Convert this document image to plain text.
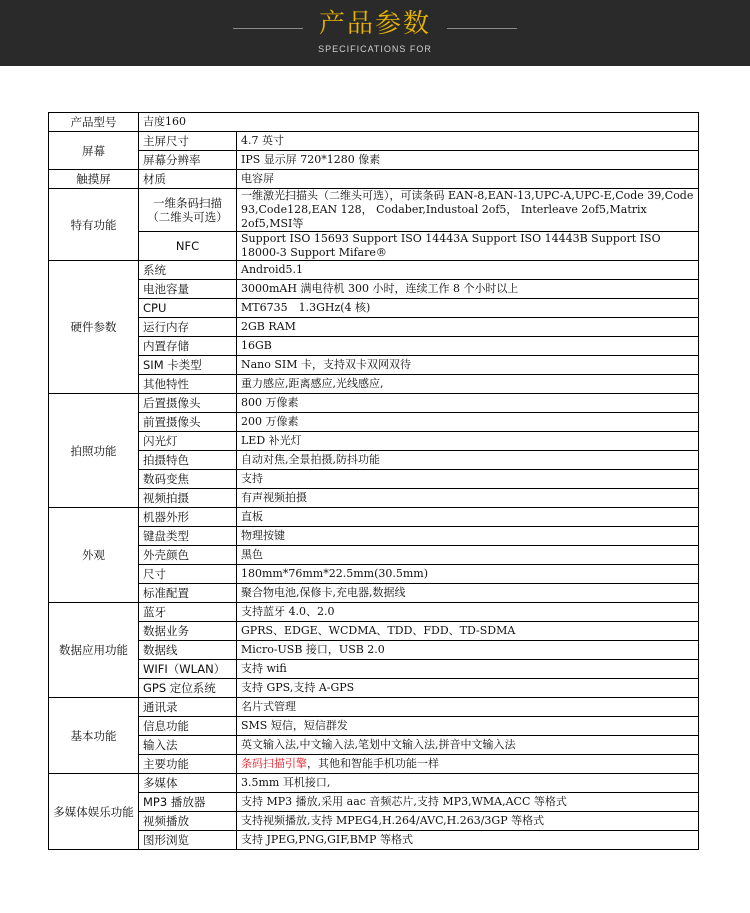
产品参数
SPECIFICATIONS FOR
产品型号	吉度160	
屏幕	主屏尺寸	4.7 英寸
	屏幕分辨率	IPS 显示屏 720*1280 像素
触摸屏	材质	电容屏
特有功能	一维条码扫描（二维头可选）	一维激光扫描头（二维头可选），可读条码 EAN-8,EAN-13,UPC-A,UPC-E,Code 39,Code 93,Code128,EAN 128， Codaber,Industoal 2of5， Interleave 2of5,Matrix 2of5,MSI等
	NFC	Support ISO 15693 Support ISO 14443A Support ISO 14443B Support ISO 18000-3 Support Mifare®
硬件参数	系统	Android5.1
	电池容量	3000mAH 满电待机 300 小时，连续工作 8 个小时以上
	CPU	MT6735　1.3GHz(4 核)
	运行内存	2GB RAM
	内置存储	16GB
	SIM 卡类型	Nano SIM 卡，支持双卡双网双待
	其他特性	重力感应,距离感应,光线感应,
拍照功能	后置摄像头	800 万像素
	前置摄像头	200 万像素
	闪光灯	LED 补光灯
	拍摄特色	自动对焦,全景拍摄,防抖功能
	数码变焦	支持
	视频拍摄	有声视频拍摄
外观	机器外形	直板
	键盘类型	物理按键
	外壳颜色	黑色
	尺寸	180mm*76mm*22.5mm(30.5mm)
	标准配置	聚合物电池,保修卡,充电器,数据线
数据应用功能	蓝牙	支持蓝牙 4.0、2.0
	数据业务	GPRS、EDGE、WCDMA、TDD、FDD、TD-SDMA
	数据线	Micro-USB 接口，USB 2.0
	WIFI（WLAN）	支持 wifi
	GPS 定位系统	支持 GPS,支持 A-GPS
基本功能	通讯录	名片式管理
	信息功能	SMS 短信，短信群发
	输入法	英文输入法,中文输入法,笔划中文输入法,拼音中文输入法
	主要功能	条码扫描引擎，其他和智能手机功能一样
多媒体娱乐功能	多媒体	3.5mm 耳机接口,
	MP3 播放器	支持 MP3 播放,采用 aac 音频芯片,支持 MP3,WMA,ACC 等格式
	视频播放	支持视频播放,支持 MPEG4,H.264/AVC,H.263/3GP 等格式
	图形浏览	支持 JPEG,PNG,GIF,BMP 等格式
